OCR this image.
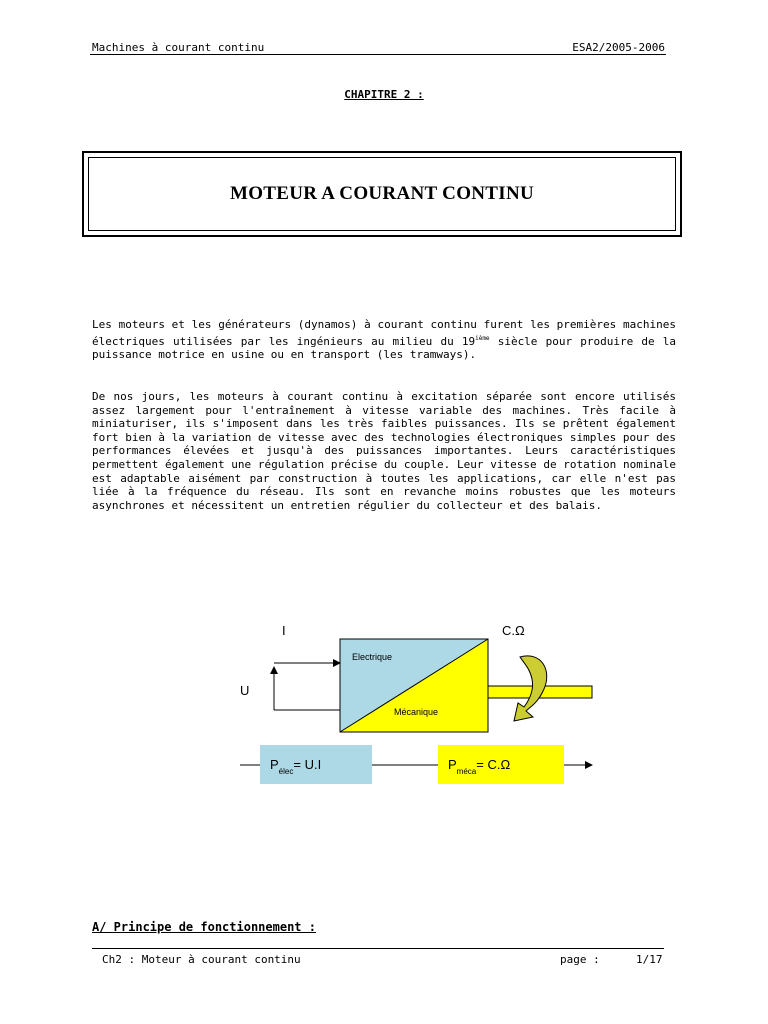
Machines à courant continu	ESA2/2005-2006
CHAPITRE 2 :
MOTEUR A COURANT CONTINU
Les moteurs et les générateurs (dynamos) à courant continu furent les premières machines électriques utilisées par les ingénieurs au milieu du 19ième siècle pour produire de la puissance motrice en usine ou en transport (les tramways).
De nos jours, les moteurs à courant continu à excitation séparée sont encore utilisés assez largement pour l'entraînement à vitesse variable des machines. Très facile à miniaturiser, ils s'imposent dans les très faibles puissances. Ils se prêtent également fort bien à la variation de vitesse avec des technologies électroniques simples pour des performances élevées et jusqu'à des puissances importantes. Leurs caractéristiques permettent également une régulation précise du couple. Leur vitesse de rotation nominale est adaptable aisément par construction à toutes les applications, car elle n'est pas liée à la fréquence du réseau. Ils sont en revanche moins robustes que les moteurs asynchrones et nécessitent un entretien régulier du collecteur et des balais.
Electrique
Mécanique
I
U
C.Ω
$P_{élec}= U.I$	$P_{méca}= C.\Omega$
A/ Principe de fonctionnement :
Ch2 : Moteur à courant continu	page :	1/17
